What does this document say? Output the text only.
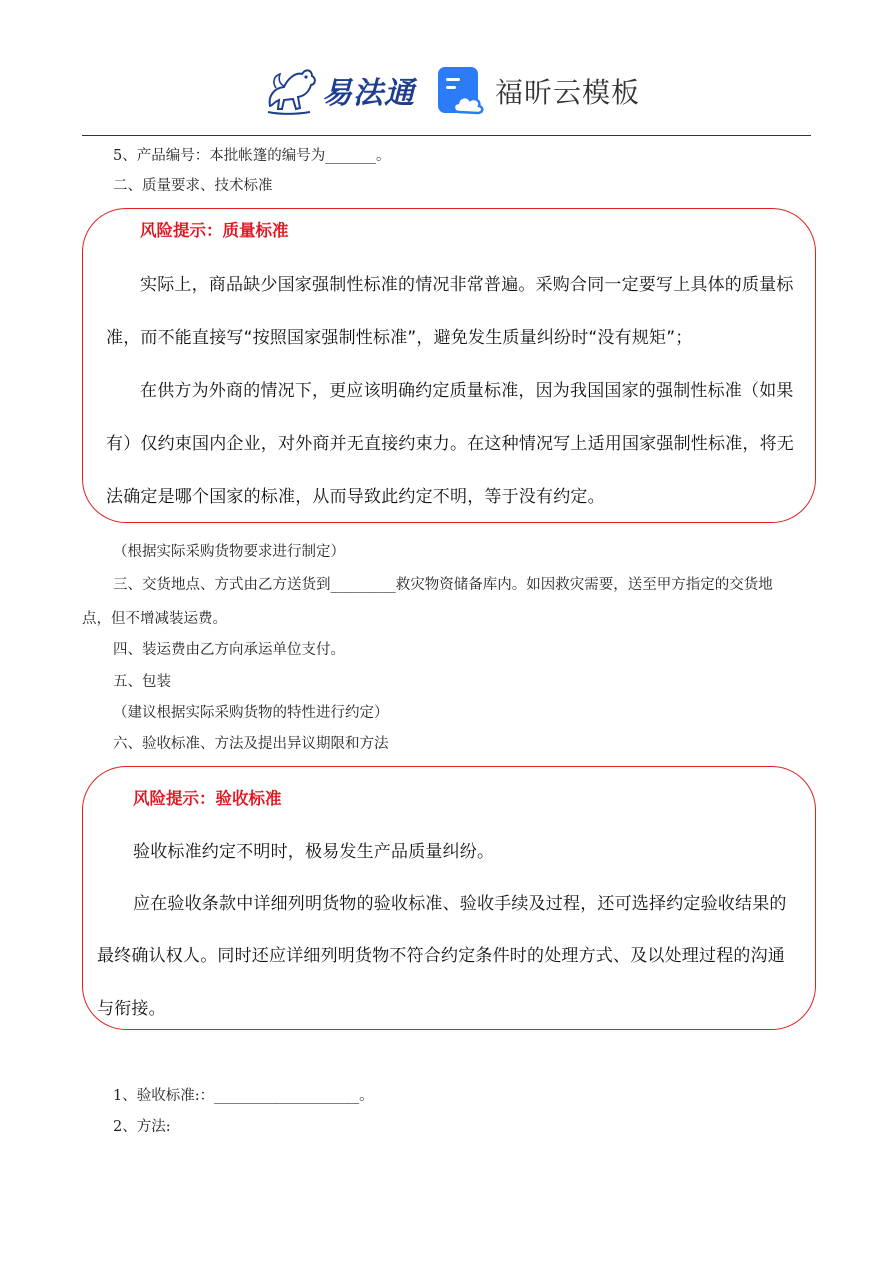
易法通	福昕云模板
5、产品编号：本批帐篷的编号为_______。
二、质量要求、技术标准
风险提示：质量标准
实际上，商品缺少国家强制性标准的情况非常普遍。采购合同一定要写上具体的质量标
准，而不能直接写“按照国家强制性标准”，避免发生质量纠纷时“没有规矩”；
在供方为外商的情况下，更应该明确约定质量标准，因为我国国家的强制性标准（如果
有）仅约束国内企业，对外商并无直接约束力。在这种情况写上适用国家强制性标准，将无
法确定是哪个国家的标准，从而导致此约定不明，等于没有约定。
（根据实际采购货物要求进行制定）
三、交货地点、方式由乙方送货到_________救灾物资储备库内。如因救灾需要，送至甲方指定的交货地
点，但不增减装运费。
四、装运费由乙方向承运单位支付。
五、包装
（建议根据实际采购货物的特性进行约定）
六、验收标准、方法及提出异议期限和方法
风险提示：验收标准
验收标准约定不明时，极易发生产品质量纠纷。
应在验收条款中详细列明货物的验收标准、验收手续及过程，还可选择约定验收结果的
最终确认权人。同时还应详细列明货物不符合约定条件时的处理方式、及以处理过程的沟通
与衔接。
1、验收标准:：____________________。
2、方法:
